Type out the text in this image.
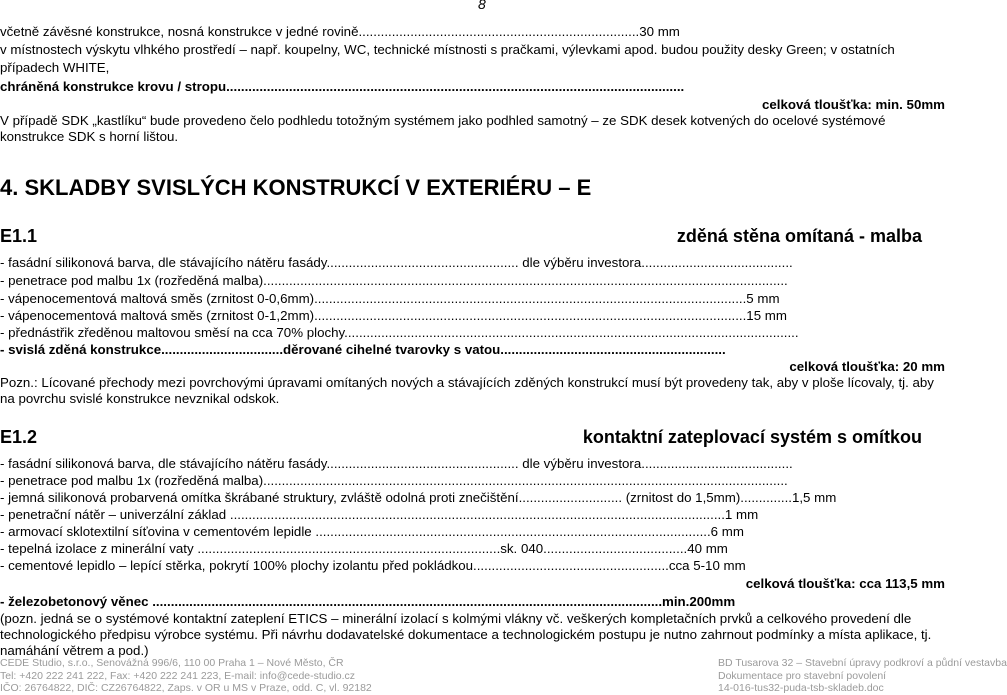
8
včetně závěsné konstrukce, nosná konstrukce v jedné rovině............................................................................30 mm
v místnostech výskytu vlhkého prostředí – např. koupelny, WC, technické místnosti s pračkami, výlevkami apod. budou použity desky Green; v ostatních
případech WHITE,
chráněná konstrukce krovu / stropu............................................................................................................................
celková tloušťka: min. 50mm
V případě SDK „kastlíku“ bude provedeno čelo podhledu totožným systémem jako podhled samotný – ze SDK desek kotvených do ocelové systémové konstrukce SDK s horní lištou.
4. SKLADBY SVISLÝCH KONSTRUKCÍ V EXTERIÉRU – E
E1.1	zděná stěna omítaná - malba
- fasádní silikonová barva, dle stávajícího nátěru fasády.................................................... dle výběru investora.........................................
- penetrace pod malbu 1x (rozředěná malba)..............................................................................................................................................
- vápenocementová maltová směs (zrnitost 0-0,6mm).....................................................................................................................5 mm
- vápenocementová maltová směs (zrnitost 0-1,2mm).....................................................................................................................15 mm
- přednástřik zředěnou maltovou směsí na cca 70% plochy...........................................................................................................................
- svislá zděná konstrukce.................................děrované cihelné tvarovky s vatou.............................................................
celková tloušťka: 20 mm
Pozn.: Lícované přechody mezi povrchovými úpravami omítaných nových a stávajících zděných konstrukcí musí být provedeny tak, aby v ploše lícovaly, tj. aby na povrchu svislé konstrukce nevznikal odskok.
E1.2	kontaktní zateplovací systém s omítkou
- fasádní silikonová barva, dle stávajícího nátěru fasády.................................................... dle výběru investora.........................................
- penetrace pod malbu 1x (rozředěná malba)..............................................................................................................................................
- jemná silikonová probarvená omítka škrábané struktury, zvláště odolná proti znečištění............................ (zrnitost do 1,5mm)..............1,5 mm
- penetrační nátěr – univerzální základ ......................................................................................................................................1 mm
- armovací sklotextilní síťovina v cementovém lepidle ...........................................................................................................6 mm
- tepelná izolace z minerální vaty ..................................................................................sk. 040.......................................40 mm
- cementové lepidlo – lepící stěrka, pokrytí 100% plochy izolantu před pokládkou.....................................................cca 5-10 mm
celková tloušťka: cca 113,5 mm
- železobetonový věnec ..........................................................................................................................................min.200mm
(pozn. jedná se o systémové kontaktní zateplení ETICS – minerální izolací s kolmými vlákny vč. veškerých kompletačních prvků a celkového provedení dle technologického předpisu výrobce systému. Při návrhu dodavatelské dokumentace a technologickém postupu je nutno zahrnout podmínky a místa aplikace, tj. namáhání větrem a pod.)
CEDE Studio, s.r.o., Senovážná 996/6, 110 00 Praha 1 – Nové Město, ČR
Tel: +420 222 241 222, Fax: +420 222 241 223, E-mail: info@cede-studio.cz
IČO: 26764822, DIČ: CZ26764822, Zaps. v OR u MS v Praze, odd. C, vl. 92182
BD Tusarova 32 – Stavební úpravy podkroví a půdní vestavba
Dokumentace pro stavební povolení
14-016-tus32-puda-tsb-skladeb.doc
